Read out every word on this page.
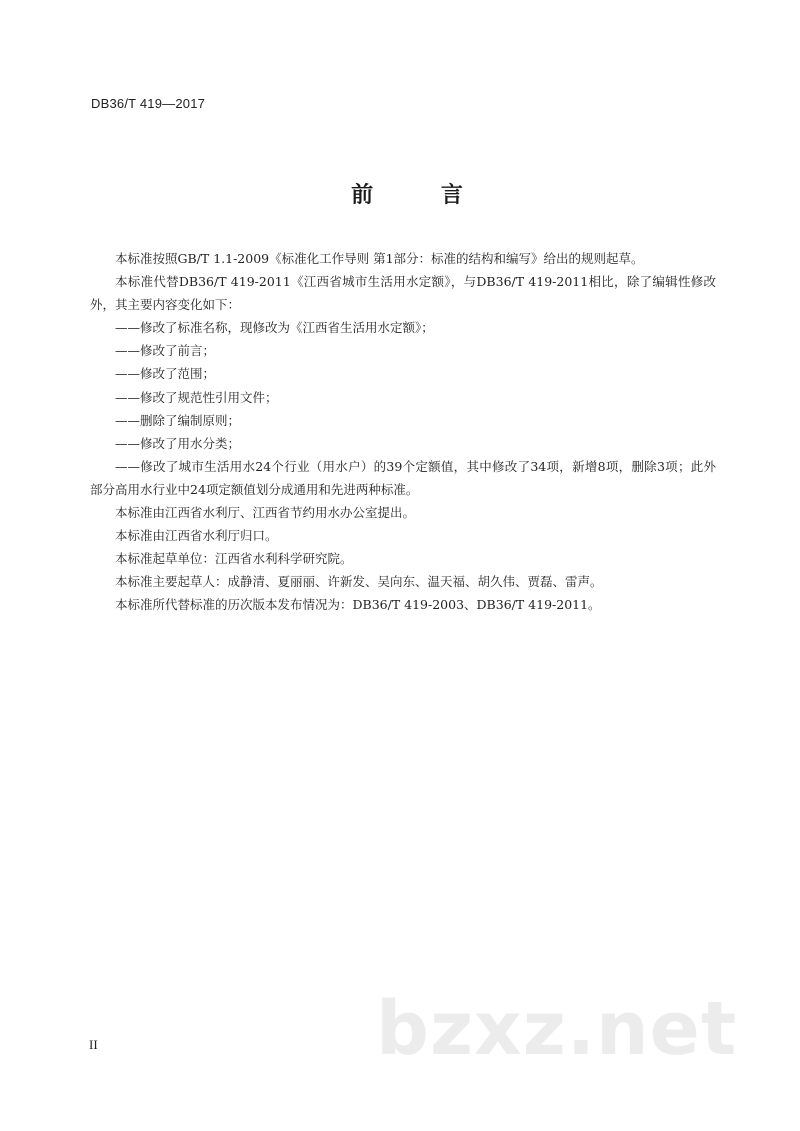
DB36/T 419—2017
前 言

本标准按照GB/T 1.1-2009《标准化工作导则 第1部分：标准的结构和编写》给出的规则起草。

本标准代替DB36/T 419-2011《江西省城市生活用水定额》，与DB36/T 419-2011相比，除了编辑性修改外，其主要内容变化如下：

——修改了标准名称，现修改为《江西省生活用水定额》；

——修改了前言；

——修改了范围；

——修改了规范性引用文件；

——删除了编制原则；

——修改了用水分类；

——修改了城市生活用水24个行业（用水户）的39个定额值，其中修改了34项，新增8项，删除3项；此外部分高用水行业中24项定额值划分成通用和先进两种标准。

本标准由江西省水利厅、江西省节约用水办公室提出。

本标准由江西省水利厅归口。

本标准起草单位：江西省水利科学研究院。

本标准主要起草人：成静清、夏丽丽、许新发、吴向东、温天福、胡久伟、贾磊、雷声。

本标准所代替标准的历次版本发布情况为：DB36/T 419-2003、DB36/T 419-2011。

bzxz.net
II
